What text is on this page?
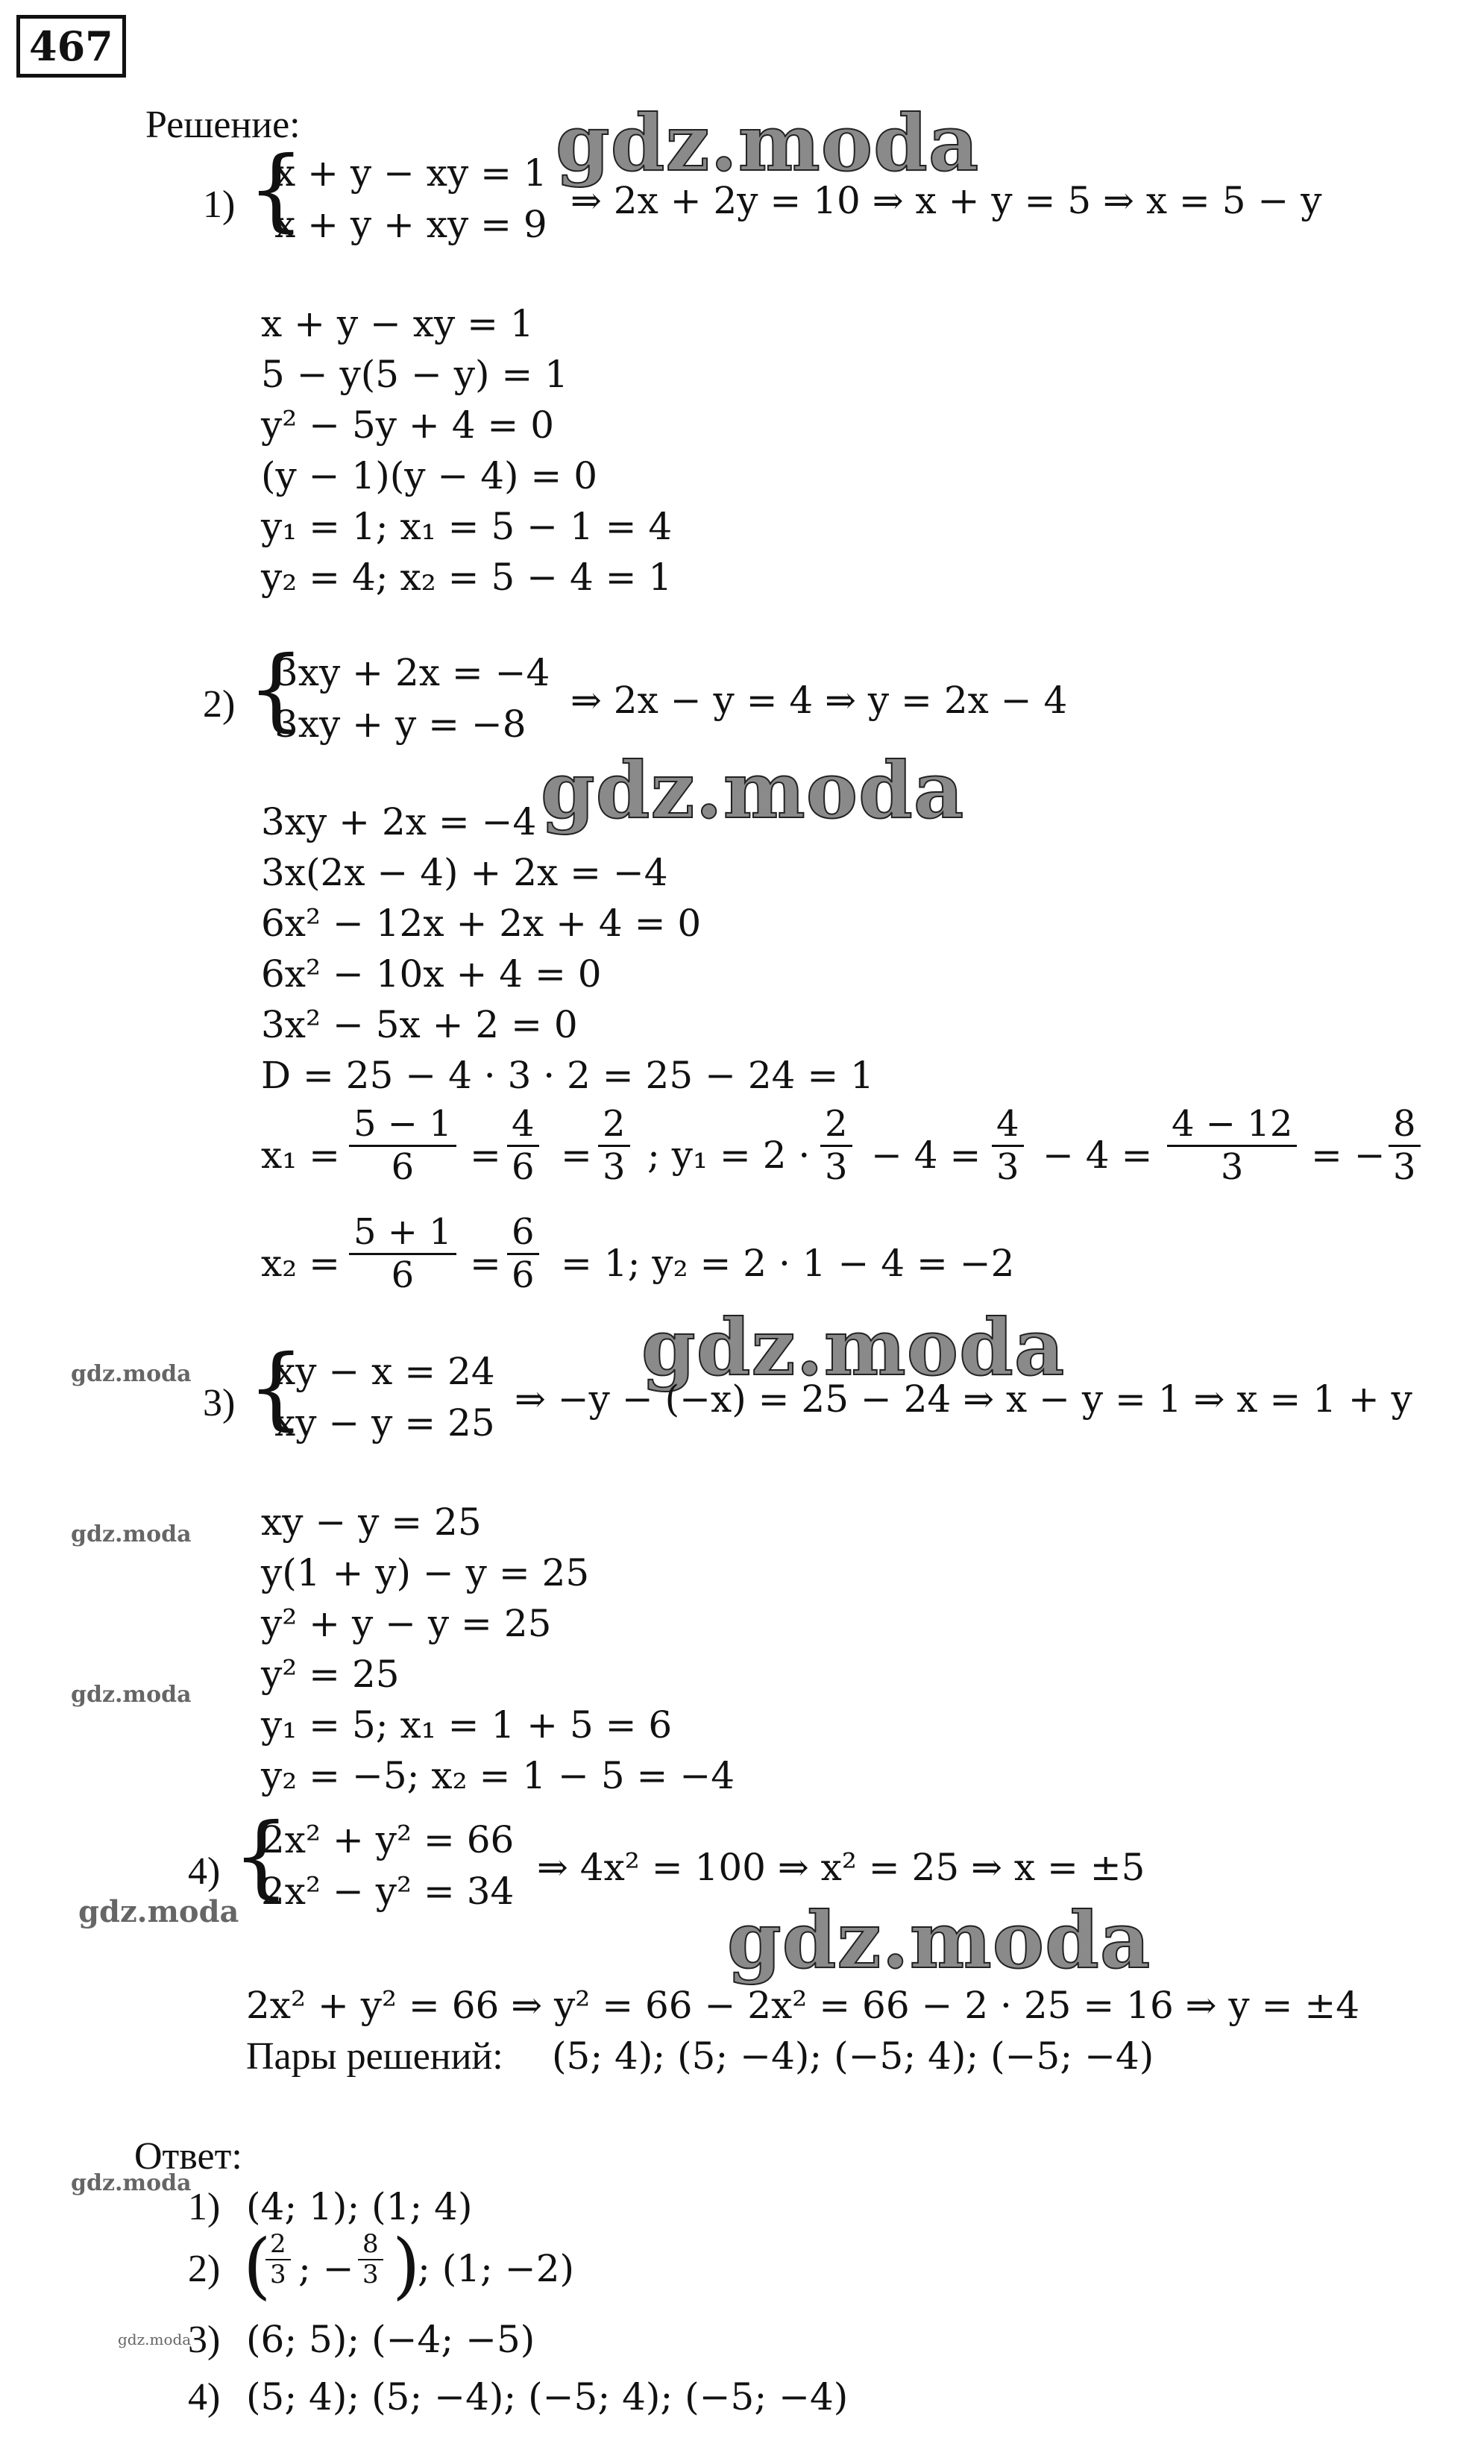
467
Решение:
1) {
x + y − xy = 1
x + y + xy = 9
⇒ 2x + 2y = 10 ⇒ x + y = 5 ⇒ x = 5 − y
gdz.moda
x + y − xy = 1
5 − y(5 − y) = 1
y² − 5y + 4 = 0
(y − 1)(y − 4) = 0
y₁ = 1; x₁ = 5 − 1 = 4
y₂ = 4; x₂ = 5 − 4 = 1
2) {
3xy + 2x = −4
3xy + y = −8
⇒ 2x − y = 4 ⇒ y = 2x − 4
gdz.moda
3xy + 2x = −4
3x(2x − 4) + 2x = −4
6x² − 12x + 2x + 4 = 0
6x² − 10x + 4 = 0
3x² − 5x + 2 = 0
D = 25 − 4 · 3 · 2 = 25 − 24 = 1
$x_1 = \frac{5 - 1}{6} = \frac{4}{6} = \frac{2}{3}$ ; $y_1 = 2 \cdot \frac{2}{3} - 4 = \frac{4}{3} - 4 = \frac{4 - 12}{3}$ = − $\frac{8}{3}$
$x_2 = \frac{5 + 1}{6} = \frac{6}{6} = 1$; y₂ = 2 · 1 − 4 = −2
gdz.moda
gdz.moda
3) {
xy − x = 24
xy − y = 25
⇒ −y − (−x) = 25 − 24 ⇒ x − y = 1 ⇒ x = 1 + y
gdz.moda xy − y = 25
y(1 + y) − y = 25
y² + y − y = 25
gdz.moda y² = 25
y₁ = 5; x₁ = 1 + 5 = 6
y₂ = −5; x₂ = 1 − 5 = −4
4) {
2x² + y² = 66
2x² − y² = 34
⇒ 4x² = 100 ⇒ x² = 25 ⇒ x = ±5
gdz.moda	gdz.moda
2x² + y² = 66 ⇒ y² = 66 − 2x² = 66 − 2 · 25 = 16 ⇒ y = ±4
Пары решений: (5; 4); (5; −4); (−5; 4); (−5; −4)
Ответ:
gdz.moda
1) (4; 1); (1; 4)
2) (
$\frac{2}{3}$ ; − $\frac{8}{3}$ )
; (1; −2)
gdz.moda
3) (6; 5); (−4; −5)
4) (5; 4); (5; −4); (−5; 4); (−5; −4)
